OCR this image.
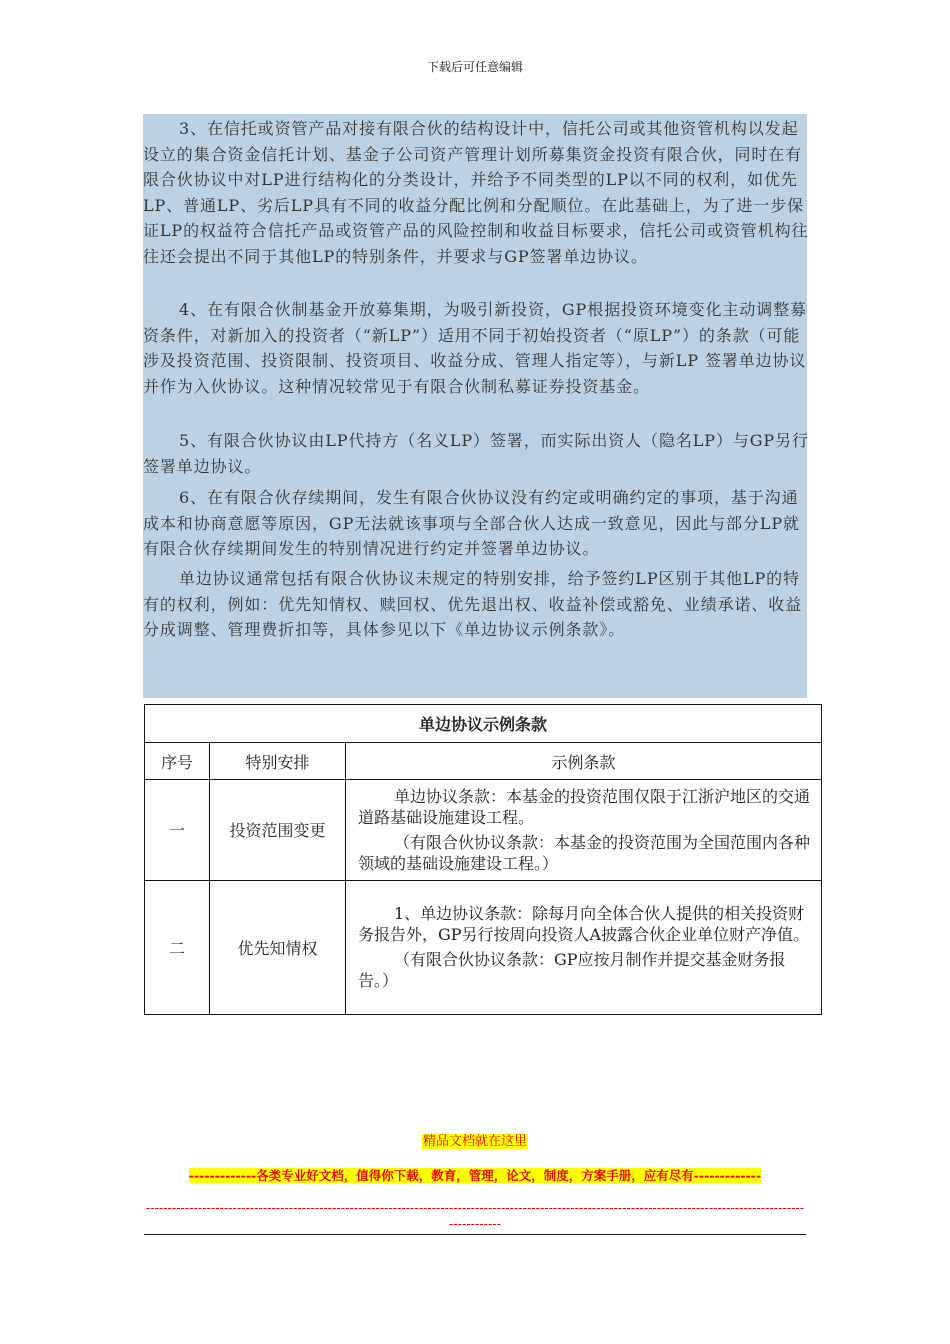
下载后可任意编辑

3、在信托或资管产品对接有限合伙的结构设计中，信托公司或其他资管机构以发起设立的集合资金信托计划、基金子公司资产管理计划所募集资金投资有限合伙，同时在有限合伙协议中对LP进行结构化的分类设计，并给予不同类型的LP以不同的权利，如优先LP、普通LP、劣后LP具有不同的收益分配比例和分配顺位。在此基础上，为了进一步保证LP的权益符合信托产品或资管产品的风险控制和收益目标要求，信托公司或资管机构往往还会提出不同于其他LP的特别条件，并要求与GP签署单边协议。

4、在有限合伙制基金开放募集期，为吸引新投资，GP根据投资环境变化主动调整募资条件，对新加入的投资者（“新LP”）适用不同于初始投资者（“原LP”）的条款（可能涉及投资范围、投资限制、投资项目、收益分成、管理人指定等），与新LP 签署单边协议并作为入伙协议。这种情况较常见于有限合伙制私募证券投资基金。

5、有限合伙协议由LP代持方（名义LP）签署，而实际出资人（隐名LP）与GP另行签署单边协议。

6、在有限合伙存续期间，发生有限合伙协议没有约定或明确约定的事项，基于沟通成本和协商意愿等原因，GP无法就该事项与全部合伙人达成一致意见，因此与部分LP就有限合伙存续期间发生的特别情况进行约定并签署单边协议。

单边协议通常包括有限合伙协议未规定的特别安排，给予签约LP区别于其他LP的特有的权利，例如：优先知情权、赎回权、优先退出权、收益补偿或豁免、业绩承诺、收益分成调整、管理费折扣等，具体参见以下《单边协议示例条款》。

单边协议示例条款		
序号	特别安排	示例条款
一	投资范围变更	单边协议条款：本基金的投资范围仅限于江浙沪地区的交通道路基础设施建设工程。

（有限合伙协议条款：本基金的投资范围为全国范围内各种领域的基础设施建设工程。）

二	优先知情权	1、单边协议条款：除每月向全体合伙人提供的相关投资财务报告外，GP另行按周向投资人A披露合伙企业单位财产净值。

（有限合伙协议条款：GP应按月制作并提交基金财务报告。）

精品文档就在这里
-------------各类专业好文档，值得你下载，教育，管理，论文，制度，方案手册，应有尽有-------------
--------------------------------------------------------------------------------------------------------------------------------------------------------------------
